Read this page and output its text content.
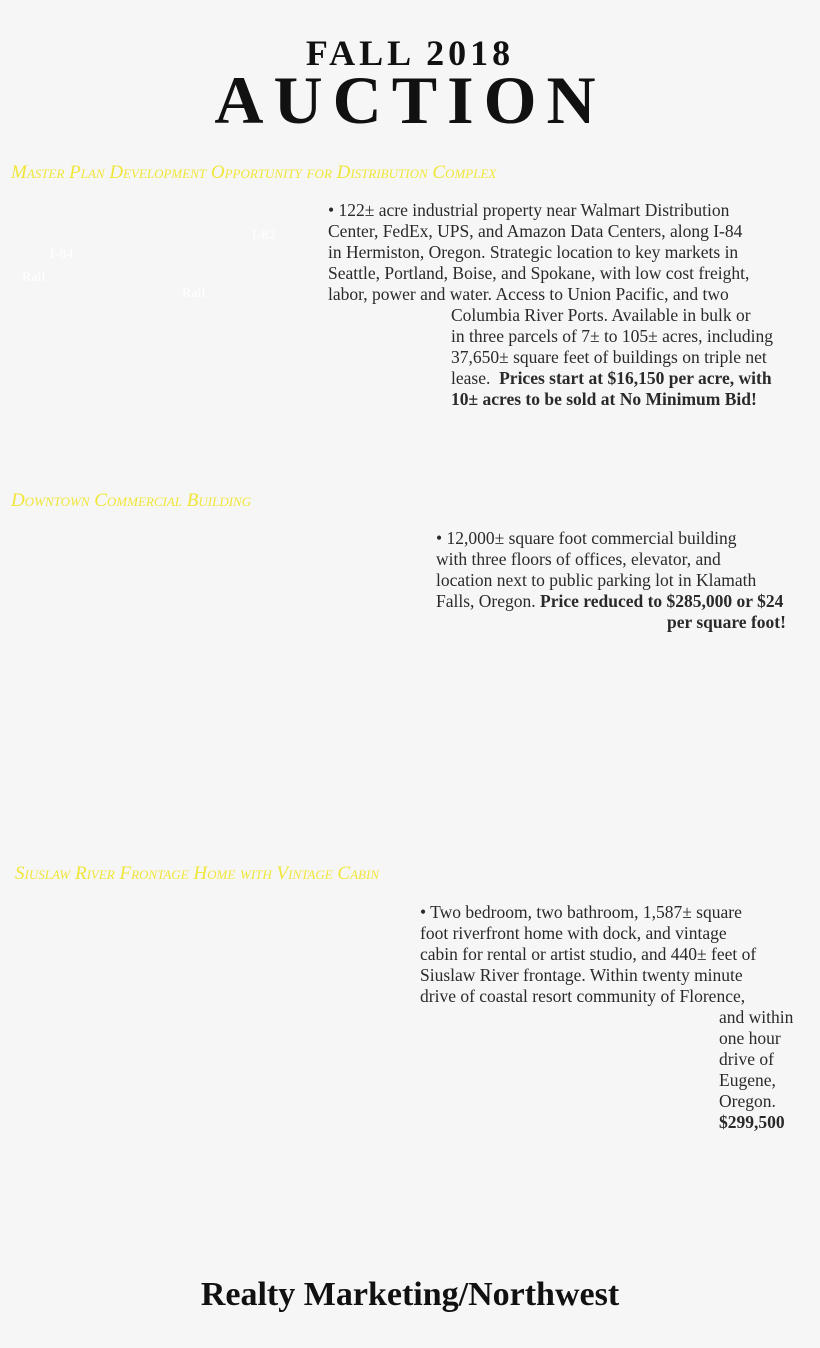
FALL 2018
AUCTION
Master Plan Development Opportunity for Distribution Complex
I-82
I-84
Rail
Rail
• 122± acre industrial property near Walmart Distribution
Center, FedEx, UPS, and Amazon Data Centers, along I-84
in Hermiston, Oregon. Strategic location to key markets in
Seattle, Portland, Boise, and Spokane, with low cost freight,
labor, power and water. Access to Union Pacific, and two
Columbia River Ports. Available in bulk or
in three parcels of 7± to 105± acres, including
37,650± square feet of buildings on triple net
lease. Prices start at $16,150 per acre, with
10± acres to be sold at No Minimum Bid!
Downtown Commercial Building
• 12,000± square foot commercial building
with three floors of offices, elevator, and
location next to public parking lot in Klamath
Falls, Oregon. Price reduced to $285,000 or $24
per square foot!
Siuslaw River Frontage Home with Vintage Cabin
• Two bedroom, two bathroom, 1,587± square
foot riverfront home with dock, and vintage
cabin for rental or artist studio, and 440± feet of
Siuslaw River frontage. Within twenty minute
drive of coastal resort community of Florence,
and within
one hour
drive of
Eugene,
Oregon.
$299,500
Realty Marketing/Northwest
